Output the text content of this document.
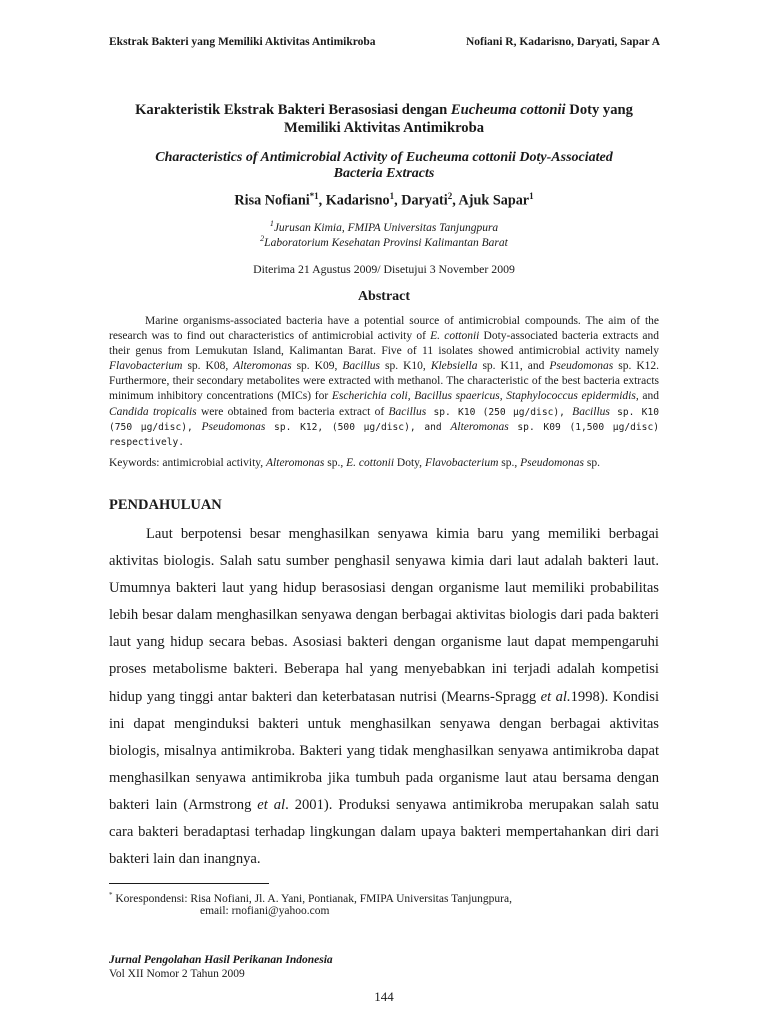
Ekstrak Bakteri yang Memiliki Aktivitas Antimikroba	Nofiani R, Kadarisno, Daryati, Sapar A
Karakteristik Ekstrak Bakteri Berasosiasi dengan Eucheuma cottonii Doty yang
Memiliki Aktivitas Antimikroba
Characteristics of Antimicrobial Activity of Eucheuma cottonii Doty-Associated
Bacteria Extracts
Risa Nofiani$^{*1}$, Kadarisno$^1$, Daryati$^2$, Ajuk Sapar$^1$
$^1$Jurusan Kimia, FMIPA Universitas Tanjungpura
$^2$Laboratorium Kesehatan Provinsi Kalimantan Barat
Diterima 21 Agustus 2009/ Disetujui 3 November 2009
Abstract

Marine organisms-associated bacteria have a potential source of antimicrobial compounds. The aim of the research was to find out characteristics of antimicrobial activity of E. cottonii Doty-associated bacteria extracts and their genus from Lemukutan Island, Kalimantan Barat. Five of 11 isolates showed antimicrobial activity namely Flavobacterium sp. K08, Alteromonas sp. K09, Bacillus sp. K10, Klebsiella sp. K11, and Pseudomonas sp. K12. Furthermore, their secondary metabolites were extracted with methanol. The characteristic of the best bacteria extracts minimum inhibitory concentrations (MICs) for Escherichia coli, Bacillus spaericus, Staphylococcus epidermidis, and Candida tropicalis were obtained from bacteria extract of Bacillus sp. K10 (250 µg/disc), Bacillus sp. K10 (750 µg/disc), Pseudomonas sp. K12, (500 µg/disc), and Alteromonas sp. K09 (1,500 µg/disc) respectively.

Keywords: antimicrobial activity, Alteromonas sp., E. cottonii Doty, Flavobacterium sp., Pseudomonas sp.
PENDAHULUAN

Laut berpotensi besar menghasilkan senyawa kimia baru yang memiliki berbagai aktivitas biologis. Salah satu sumber penghasil senyawa kimia dari laut adalah bakteri laut. Umumnya bakteri laut yang hidup berasosiasi dengan organisme laut memiliki probabilitas lebih besar dalam menghasilkan senyawa dengan berbagai aktivitas biologis dari pada bakteri laut yang hidup secara bebas. Asosiasi bakteri dengan organisme laut dapat mempengaruhi proses metabolisme bakteri. Beberapa hal yang menyebabkan ini terjadi adalah kompetisi hidup yang tinggi antar bakteri dan keterbatasan nutrisi (Mearns-Spragg et al.1998). Kondisi ini dapat menginduksi bakteri untuk menghasilkan senyawa dengan berbagai aktivitas biologis, misalnya antimikroba. Bakteri yang tidak menghasilkan senyawa antimikroba dapat menghasilkan senyawa antimikroba jika tumbuh pada organisme laut atau bersama dengan bakteri lain (Armstrong et al. 2001). Produksi senyawa antimikroba merupakan salah satu cara bakteri beradaptasi terhadap lingkungan dalam upaya bakteri mempertahankan diri dari bakteri lain dan inangnya.

* Korespondensi: Risa Nofiani, Jl. A. Yani, Pontianak, FMIPA Universitas Tanjungpura,
email: rnofiani@yahoo.com
Jurnal Pengolahan Hasil Perikanan Indonesia
Vol XII Nomor 2 Tahun 2009
144
